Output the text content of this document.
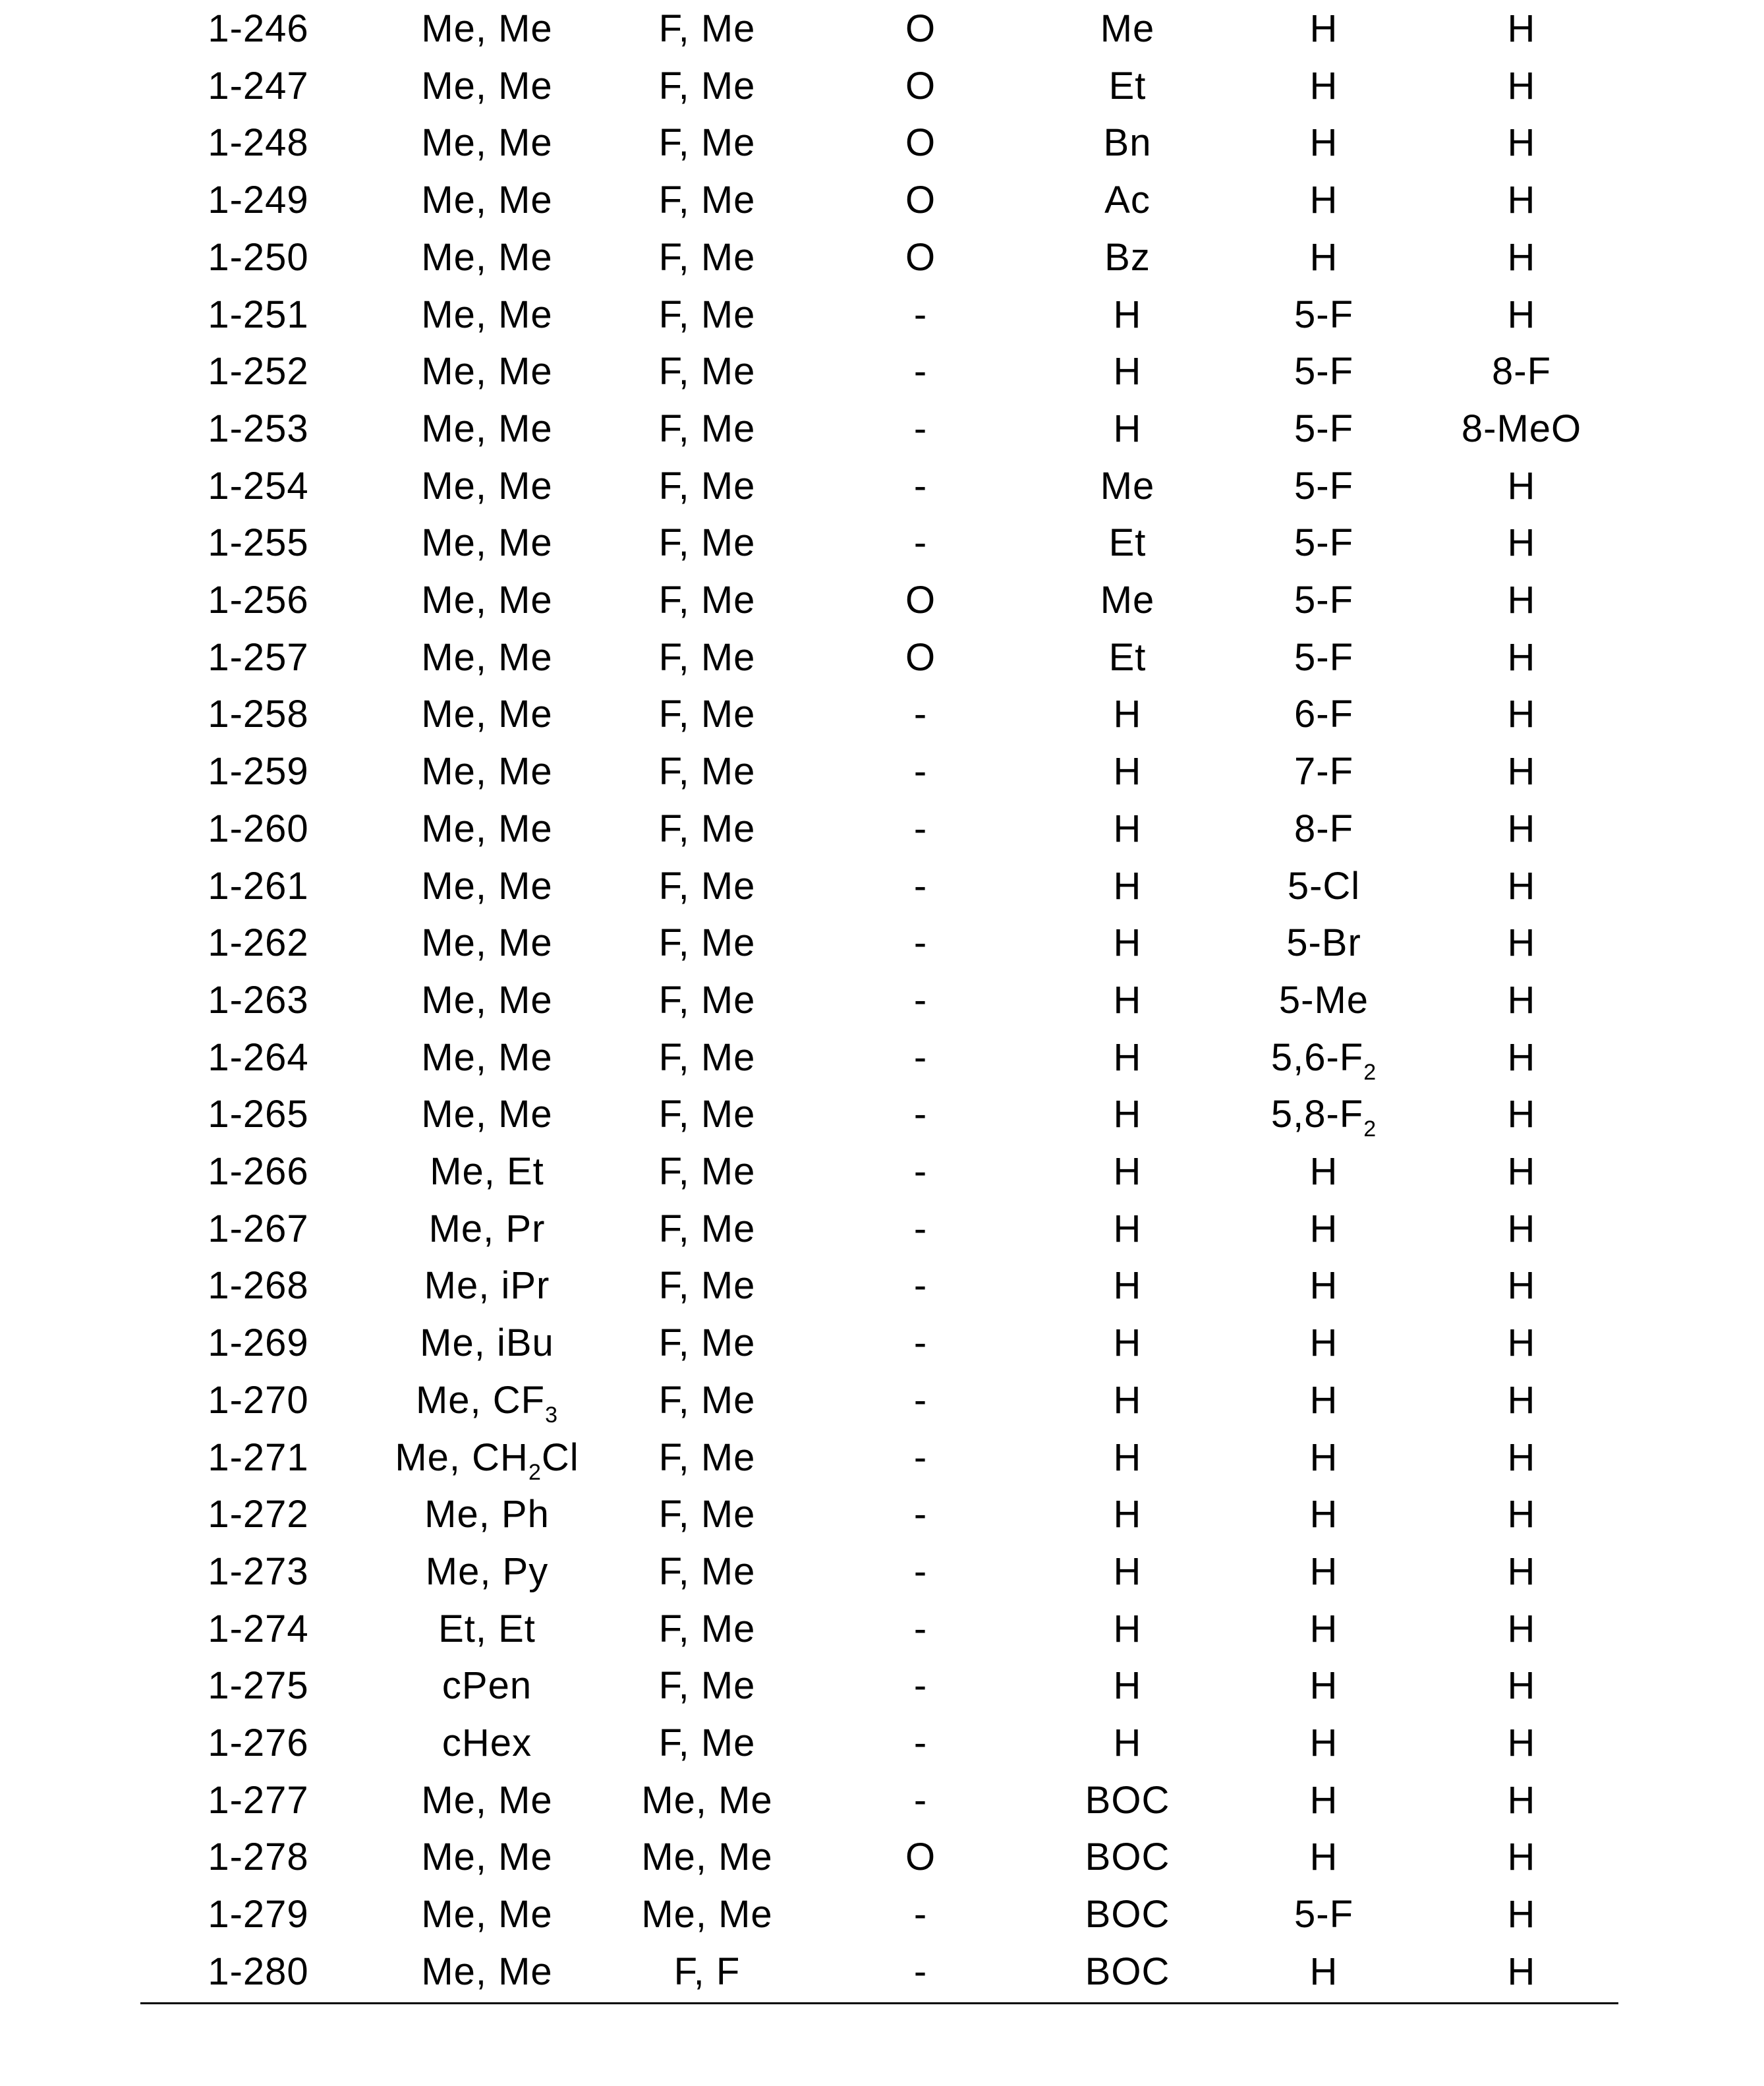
1-246	Me, Me	F, Me	O	Me	H	H
1-247	Me, Me	F, Me	O	Et	H	H
1-248	Me, Me	F, Me	O	Bn	H	H
1-249	Me, Me	F, Me	O	Ac	H	H
1-250	Me, Me	F, Me	O	Bz	H	H
1-251	Me, Me	F, Me	-	H	5-F	H
1-252	Me, Me	F, Me	-	H	5-F	8-F
1-253	Me, Me	F, Me	-	H	5-F	8-MeO
1-254	Me, Me	F, Me	-	Me	5-F	H
1-255	Me, Me	F, Me	-	Et	5-F	H
1-256	Me, Me	F, Me	O	Me	5-F	H
1-257	Me, Me	F, Me	O	Et	5-F	H
1-258	Me, Me	F, Me	-	H	6-F	H
1-259	Me, Me	F, Me	-	H	7-F	H
1-260	Me, Me	F, Me	-	H	8-F	H
1-261	Me, Me	F, Me	-	H	5-Cl	H
1-262	Me, Me	F, Me	-	H	5-Br	H
1-263	Me, Me	F, Me	-	H	5-Me	H
1-264	Me, Me	F, Me	-	H	5,6-F2	H
1-265	Me, Me	F, Me	-	H	5,8-F2	H
1-266	Me, Et	F, Me	-	H	H	H
1-267	Me, Pr	F, Me	-	H	H	H
1-268	Me, iPr	F, Me	-	H	H	H
1-269	Me, iBu	F, Me	-	H	H	H
1-270	Me, CF3	F, Me	-	H	H	H
1-271 Me, CH2Cl F, Me	-	H	H	H
1-272	Me, Ph	F, Me	-	H	H	H
1-273	Me, Py	F, Me	-	H	H	H
1-274	Et, Et	F, Me	-	H	H	H
1-275	cPen	F, Me	-	H	H	H
1-276	cHex	F, Me	-	H	H	H
1-277	Me, Me Me, Me	-	BOC	H	H
1-278	Me, Me Me, Me	O	BOC	H	H
1-279	Me, Me Me, Me	-	BOC	5-F	H
1-280	Me, Me	F, F	-	BOC	H	H
